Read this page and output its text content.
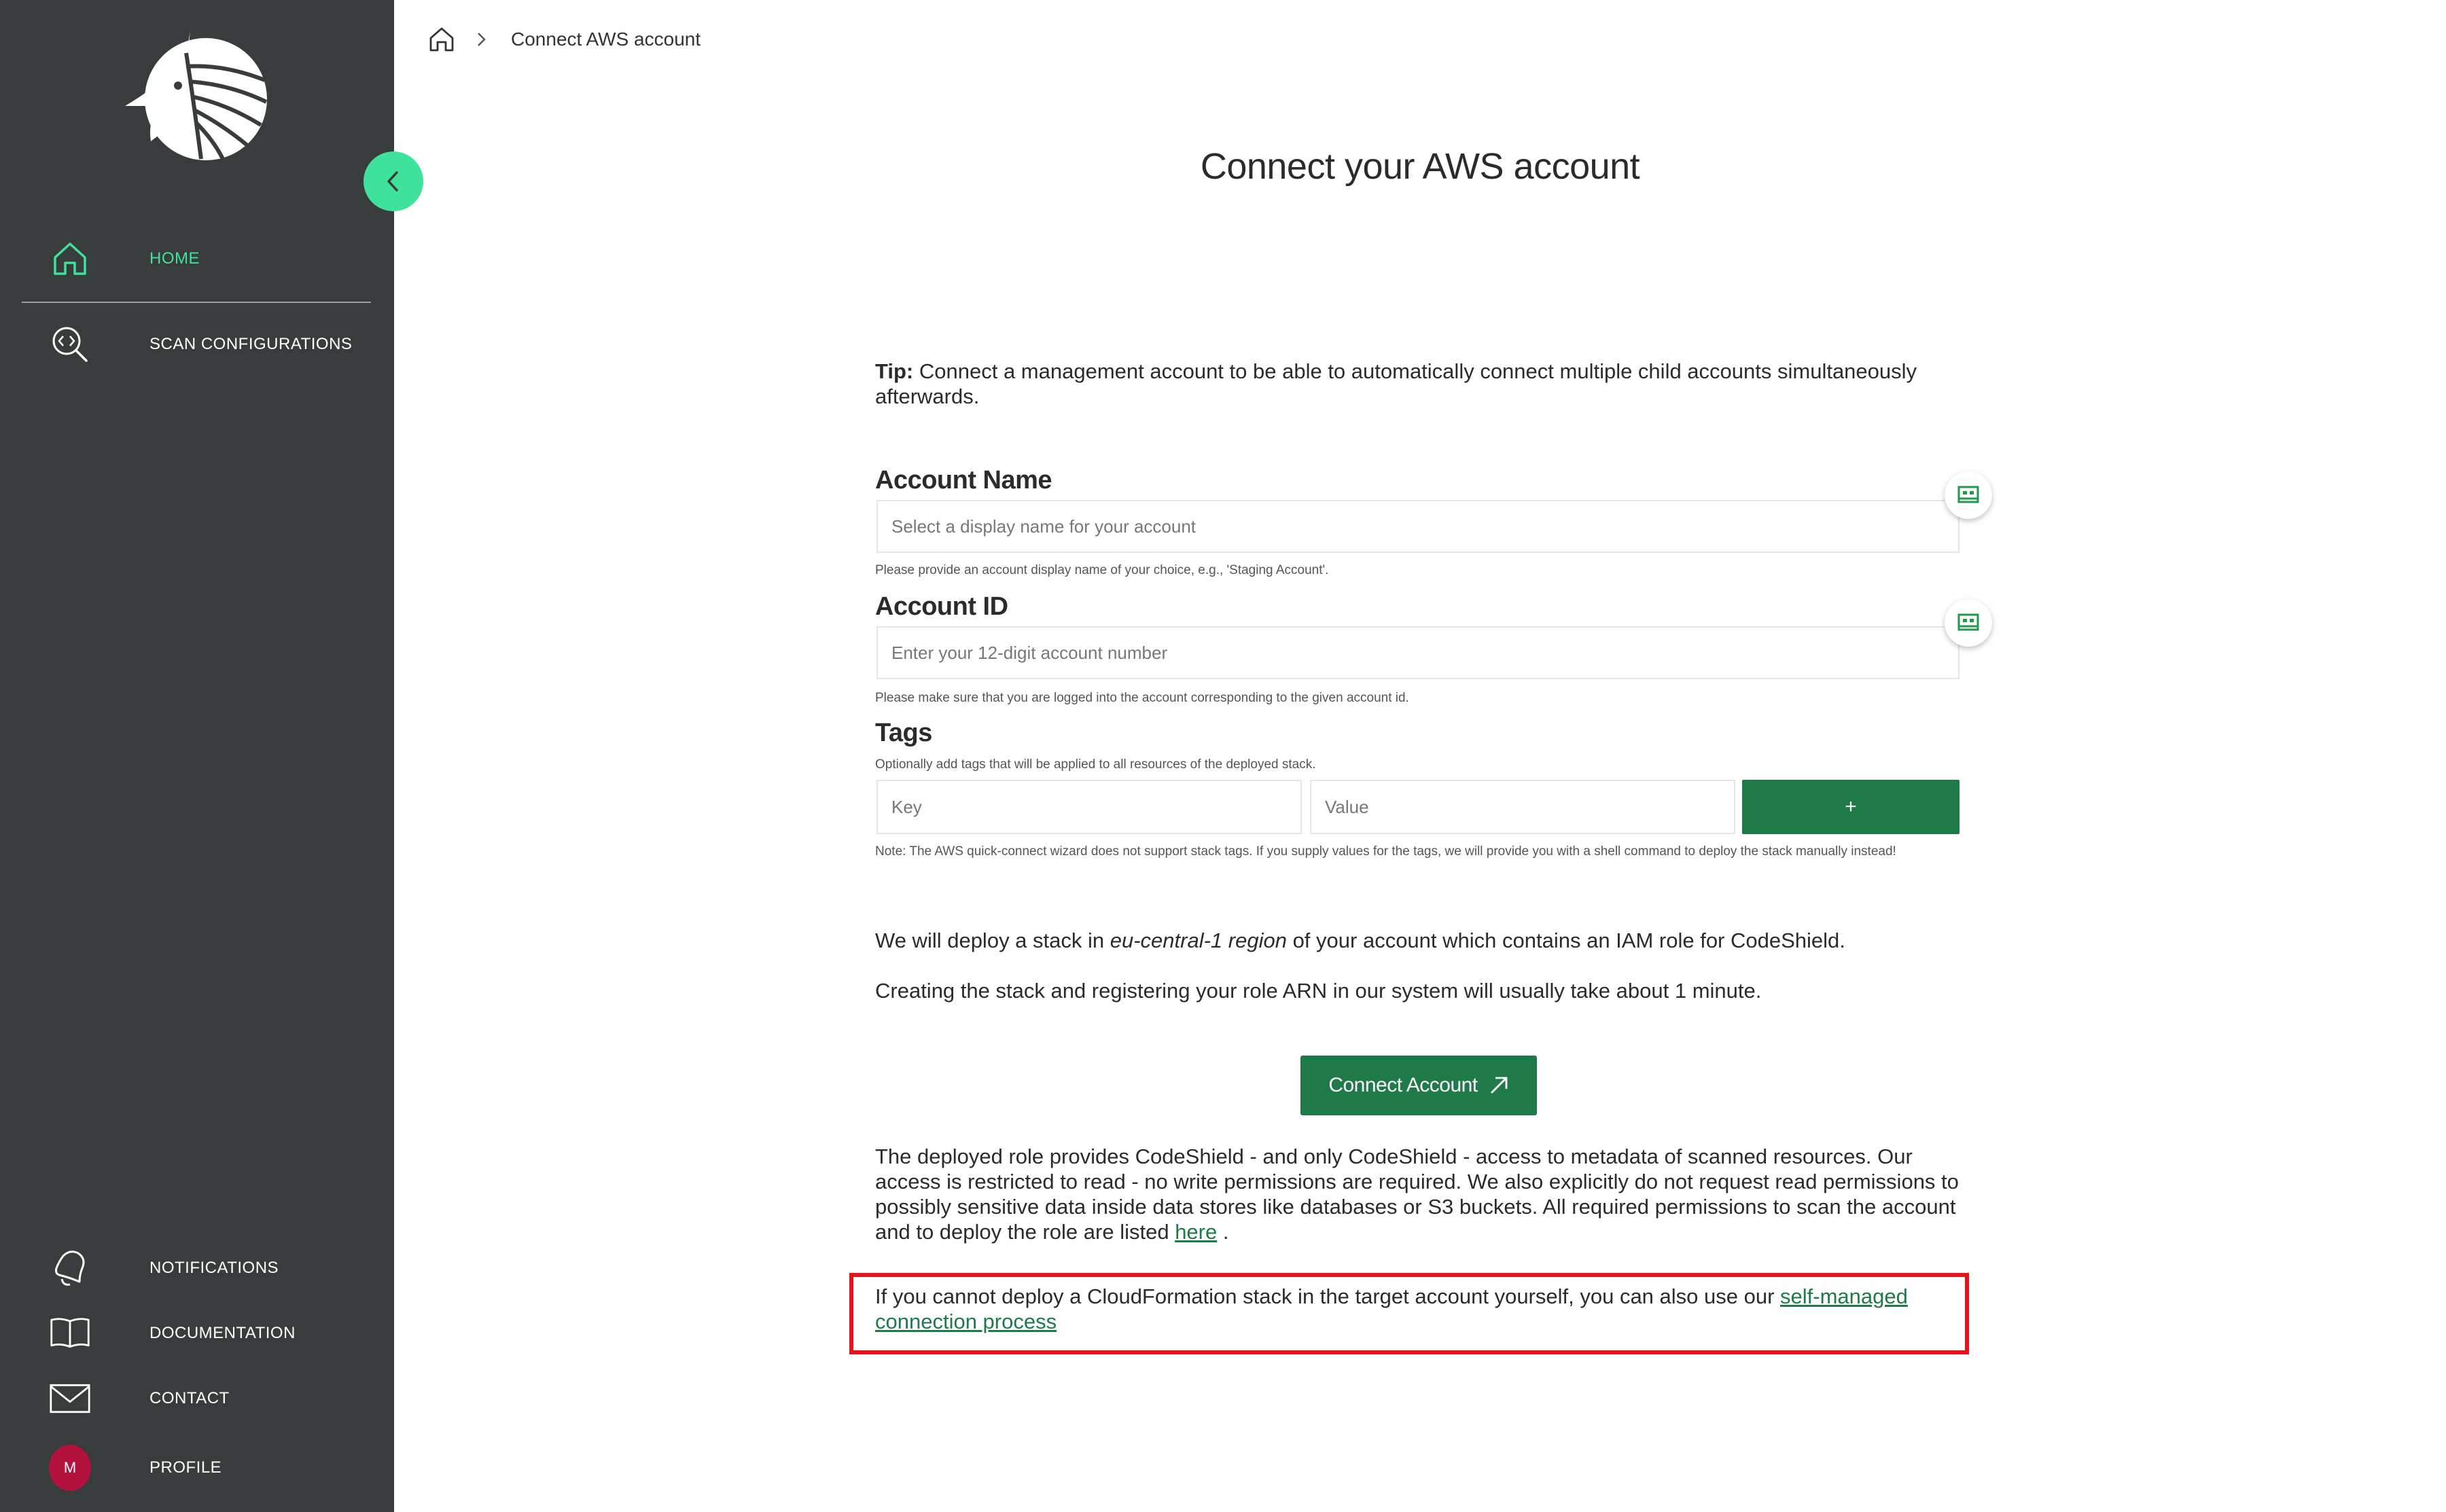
HOME
SCAN CONFIGURATIONS
NOTIFICATIONS
DOCUMENTATION
CONTACT
M	PROFILE
Connect AWS account
Connect your AWS account
Tip: Connect a management account to be able to automatically connect multiple child accounts simultaneously afterwards.
Account Name
Select a display name for your account
Please provide an account display name of your choice, e.g., 'Staging Account'.
Account ID
Enter your 12-digit account number
Please make sure that you are logged into the account corresponding to the given account id.
Tags
Optionally add tags that will be applied to all resources of the deployed stack.
Key
Value
+
Note: The AWS quick-connect wizard does not support stack tags. If you supply values for the tags, we will provide you with a shell command to deploy the stack manually instead!
We will deploy a stack in eu-central-1 region of your account which contains an IAM role for CodeShield.
Creating the stack and registering your role ARN in our system will usually take about 1 minute.
Connect Account
The deployed role provides CodeShield - and only CodeShield - access to metadata of scanned resources. Our access is restricted to read - no write permissions are required. We also explicitly do not request read permissions to possibly sensitive data inside data stores like databases or S3 buckets. All required permissions to scan the account and to deploy the role are listed here .
If you cannot deploy a CloudFormation stack in the target account yourself, you can also use our self-managed connection process
